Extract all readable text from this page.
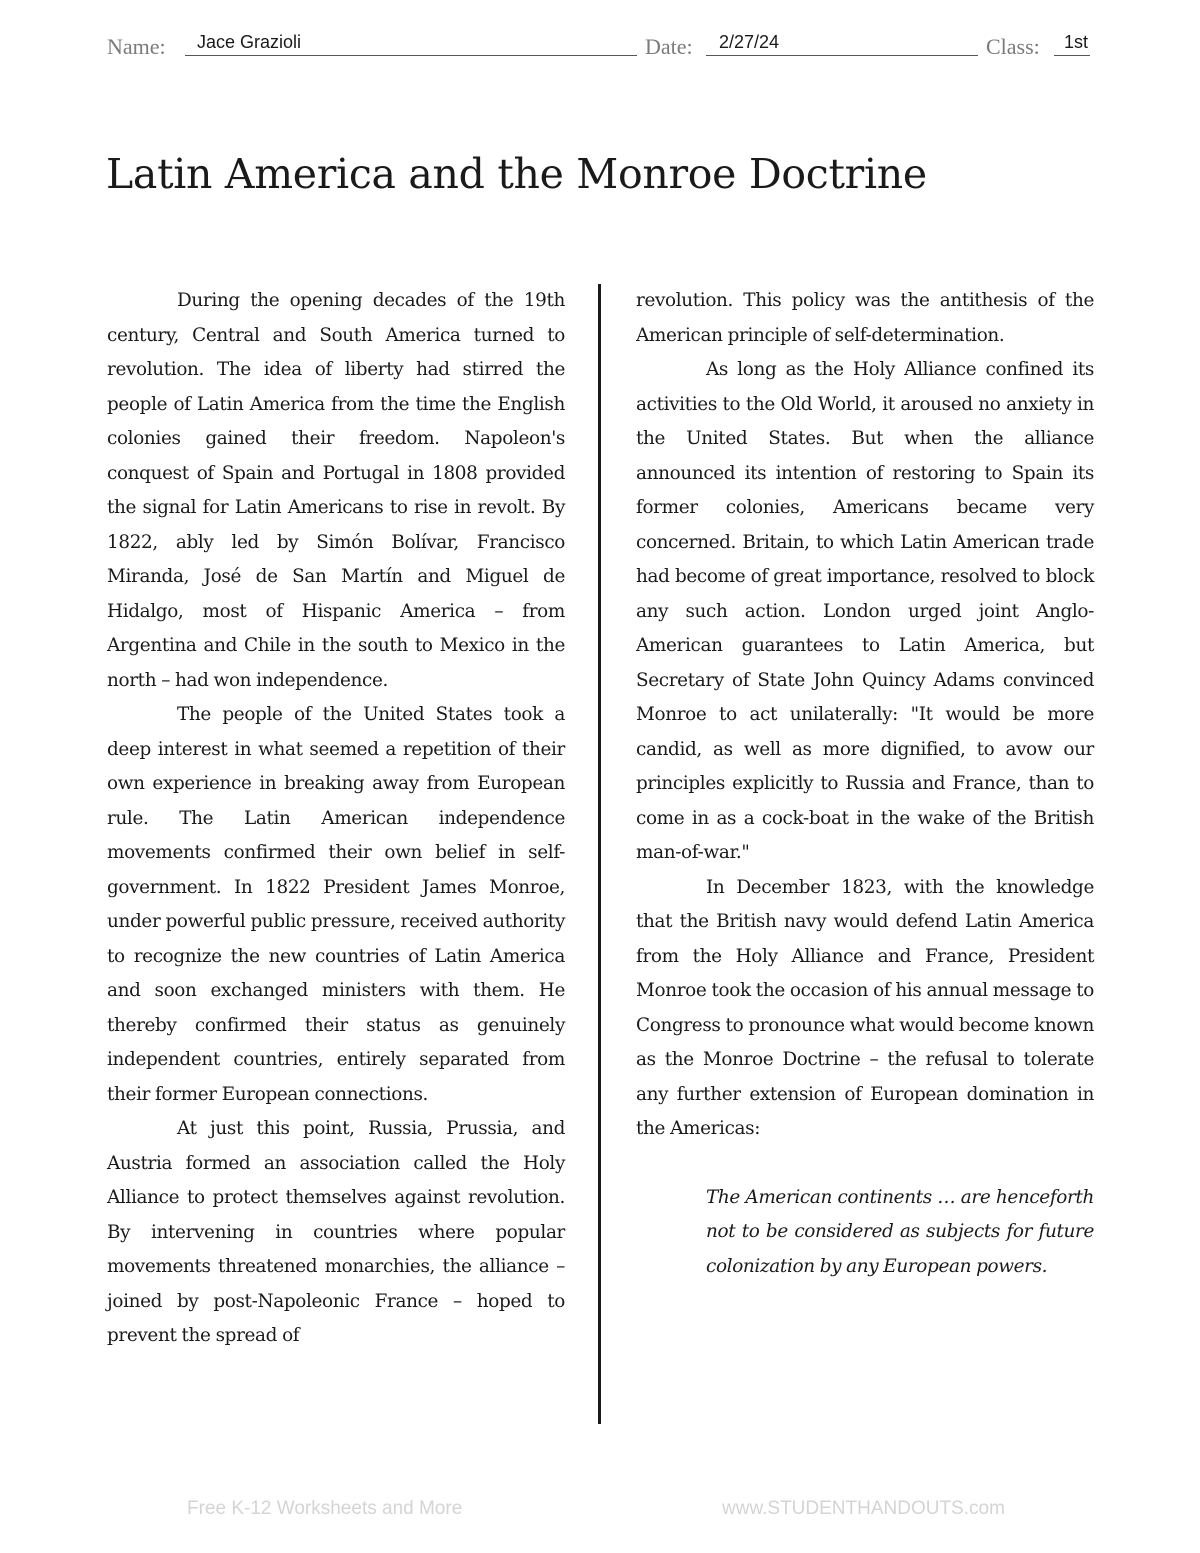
Name: Jace Grazioli	Date: 2/27/24	Class: 1st
Latin America and the Monroe Doctrine

During the opening decades of the 19th century, Central and South America turned to revolution. The idea of liberty had stirred the people of Latin America from the time the English colonies gained their freedom. Napoleon's conquest of Spain and Portugal in 1808 provided the signal for Latin Americans to rise in revolt. By 1822, ably led by Simón Bolívar, Francisco Miranda, José de San Martín and Miguel de Hidalgo, most of Hispanic America – from Argentina and Chile in the south to Mexico in the north – had won independence.

The people of the United States took a deep interest in what seemed a repetition of their own experience in breaking away from European rule. The Latin American independence movements confirmed their own belief in self-government. In 1822 President James Monroe, under powerful public pressure, received authority to recognize the new countries of Latin America and soon exchanged ministers with them. He thereby confirmed their status as genuinely independent countries, entirely separated from their former European connections.

At just this point, Russia, Prussia, and Austria formed an association called the Holy Alliance to protect themselves against revolution. By intervening in countries where popular movements threatened monarchies, the alliance – joined by post-Napoleonic France – hoped to prevent the spread of

revolution. This policy was the antithesis of the American principle of self-determination.

As long as the Holy Alliance confined its activities to the Old World, it aroused no anxiety in the United States. But when the alliance announced its intention of restoring to Spain its former colonies, Americans became very concerned. Britain, to which Latin American trade had become of great importance, resolved to block any such action. London urged joint Anglo-American guarantees to Latin America, but Secretary of State John Quincy Adams convinced Monroe to act unilaterally: "It would be more candid, as well as more dignified, to avow our principles explicitly to Russia and France, than to come in as a cock-boat in the wake of the British man-of-war."

In December 1823, with the knowledge that the British navy would defend Latin America from the Holy Alliance and France, President Monroe took the occasion of his annual message to Congress to pronounce what would become known as the Monroe Doctrine – the refusal to tolerate any further extension of European domination in the Americas:

The American continents … are henceforth not to be considered as subjects for future colonization by any European powers.

Free K-12 Worksheets and More	www.STUDENTHANDOUTS.com
